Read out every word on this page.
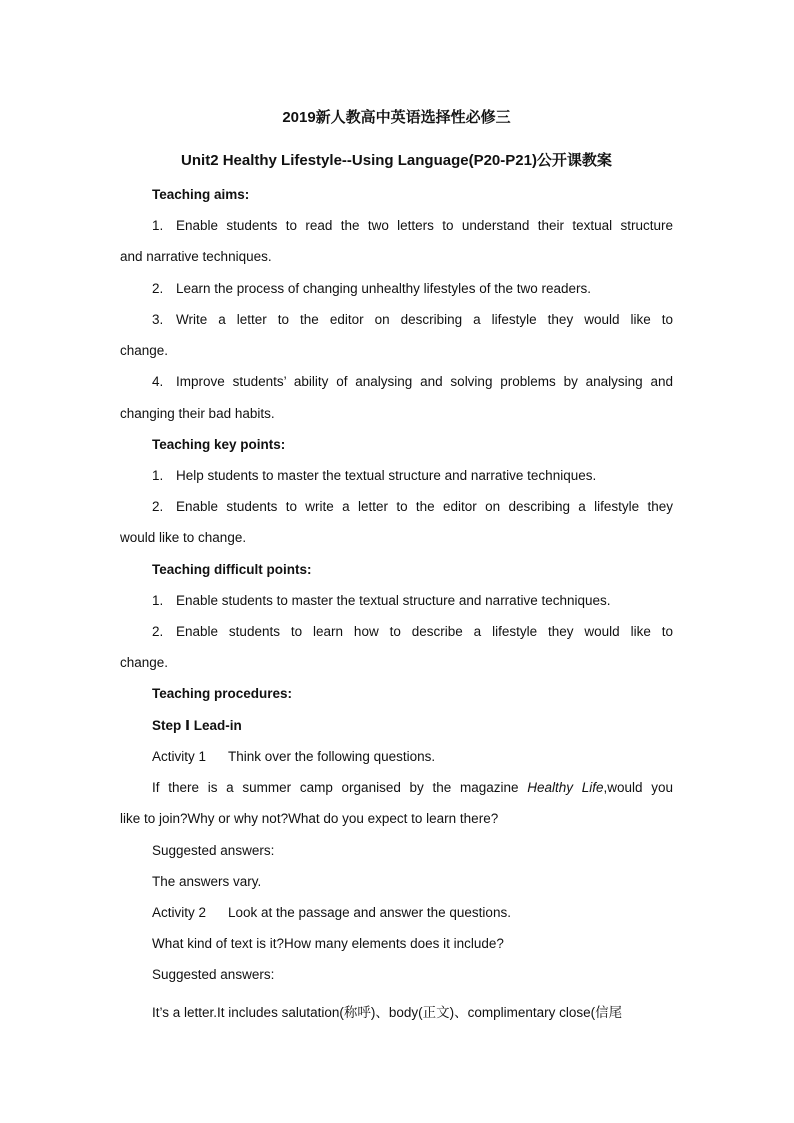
2019新人教高中英语选择性必修三
Unit2 Healthy Lifestyle--Using Language(P20-P21)公开课教案
Teaching aims:
1. Enable students to read the two letters to understand their textual structure
and narrative techniques.
2. Learn the process of changing unhealthy lifestyles of the two readers.
3. Write a letter to the editor on describing a lifestyle they would like to
change.
4. Improve students’ ability of analysing and solving problems by analysing and
changing their bad habits.
Teaching key points:
1. Help students to master the textual structure and narrative techniques.
2. Enable students to write a letter to the editor on describing a lifestyle they
would like to change.
Teaching difficult points:
1. Enable students to master the textual structure and narrative techniques.
2. Enable students to learn how to describe a lifestyle they would like to
change.
Teaching procedures:
Step Ⅰ Lead-in
Activity 1 Think over the following questions.
If there is a summer camp organised by the magazine Healthy Life,would you
like to join?Why or why not?What do you expect to learn there?
Suggested answers:
The answers vary.
Activity 2 Look at the passage and answer the questions.
What kind of text is it?How many elements does it include?
Suggested answers:
It’s a letter.It includes salutation(称呼)、body(正文)、complimentary close(信尾
